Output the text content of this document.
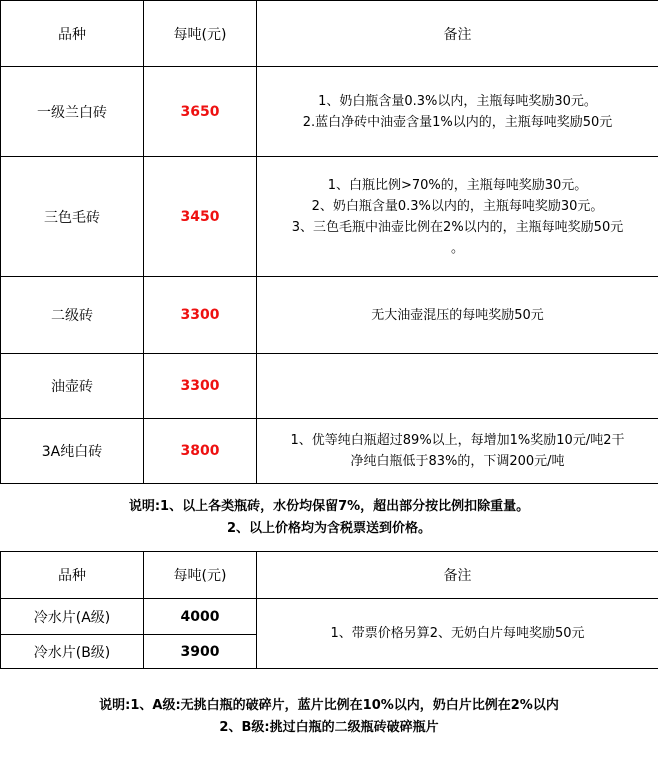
品种	每吨(元)	备注
一级兰白砖	3650	1、奶白瓶含量0.3%以内，主瓶每吨奖励30元。
2.蓝白净砖中油壶含量1%以内的，主瓶每吨奖励50元

三色毛砖	3450	1、白瓶比例>70%的，主瓶每吨奖励30元。
2、奶白瓶含量0.3%以内的，主瓶每吨奖励30元。
3、三色毛瓶中油壶比例在2%以内的，主瓶每吨奖励50元
。

二级砖	3300	无大油壶混压的每吨奖励50元

油壶砖	3300	
3A纯白砖	3800	1、优等纯白瓶超过89%以上，每增加1%奖励10元/吨2干
净纯白瓶低于83%的，下调200元/吨
说明:1、以上各类瓶砖，水份均保留7%，超出部分按比例扣除重量。
2、以上价格均为含税票送到价格。
品种	每吨(元)	备注
冷水片(A级)	4000	1、带票价格另算2、无奶白片每吨奖励50元
冷水片(B级)	3900	
说明:1、A级:无挑白瓶的破碎片，蓝片比例在10%以内，奶白片比例在2%以内
2、B级:挑过白瓶的二级瓶砖破碎瓶片
